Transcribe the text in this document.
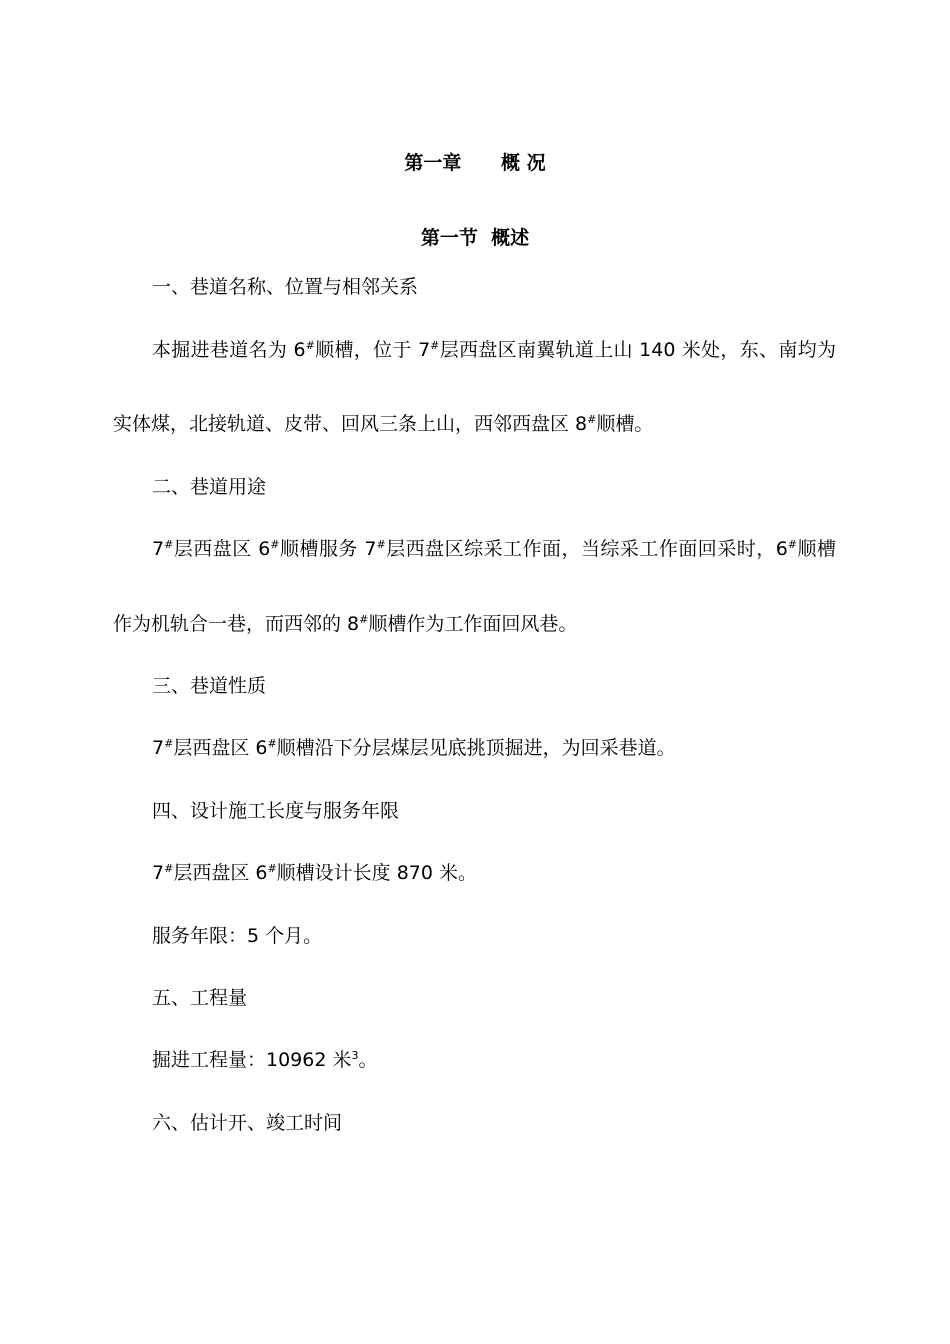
第一章      概 况
第一节  概述
一、巷道名称、位置与相邻关系
本掘进巷道名为 6#顺槽，位于 7#层西盘区南翼轨道上山 140 米处，东、南均为
实体煤，北接轨道、皮带、回风三条上山，西邻西盘区 8#顺槽。
二、巷道用途
7#层西盘区 6#顺槽服务 7#层西盘区综采工作面，当综采工作面回采时，6#顺槽
作为机轨合一巷，而西邻的 8#顺槽作为工作面回风巷。
三、巷道性质
7#层西盘区 6#顺槽沿下分层煤层见底挑顶掘进，为回采巷道。
四、设计施工长度与服务年限
7#层西盘区 6#顺槽设计长度 870 米。
服务年限：5 个月。
五、工程量
掘进工程量：10962 米$^3$。
六、估计开、竣工时间
